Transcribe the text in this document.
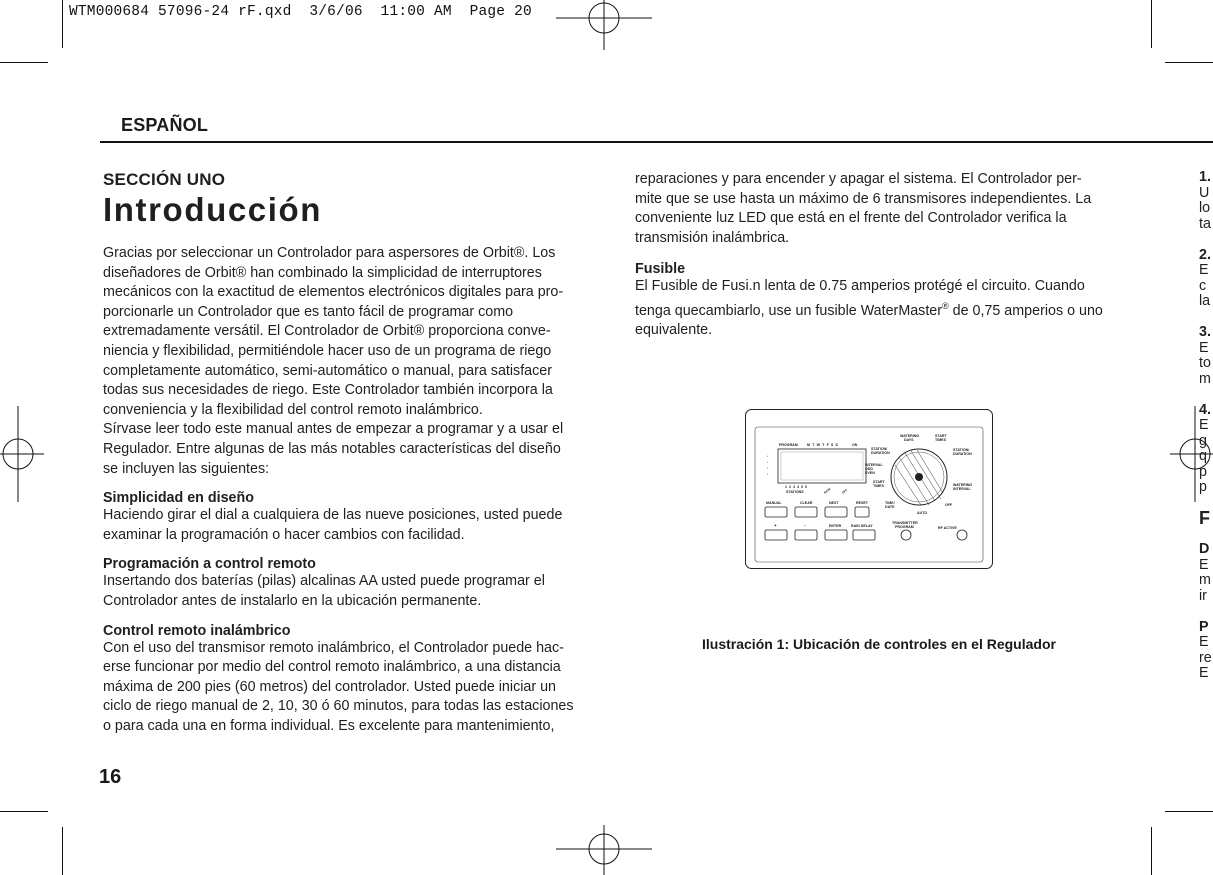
WTM000684 57096-24 rF.qxd  3/6/06  11:00 AM  Page 20
ESPAÑOL
SECCIÓN UNO
Introducción
Gracias por seleccionar un Controlador para aspersores de Orbit®. Los
diseñadores de Orbit® han combinado la simplicidad de interruptores
mecánicos con la exactitud de elementos electrónicos digitales para pro-
porcionarle un Controlador que es tanto fácil de programar como
extremadamente versátil. El Controlador de Orbit® proporciona conve-
niencia y flexibilidad, permitiéndole hacer uso de un programa de riego
completamente automático, semi-automático o manual, para satisfacer
todas sus necesidades de riego. Este Controlador también incorpora la
conveniencia y la flexibilidad del control remoto inalámbrico.
Sírvase leer todo este manual antes de empezar a programar y a usar el
Regulador. Entre algunas de las más notables características del diseño
se incluyen las siguientes:
Simplicidad en diseño
Haciendo girar el dial a cualquiera de las nueve posiciones, usted puede
examinar la programación o hacer cambios con facilidad.
Programación a control remoto
Insertando dos baterías (pilas) alcalinas AA usted puede programar el
Controlador antes de instalarlo en la ubicación permanente.
Control remoto inalámbrico
Con el uso del transmisor remoto inalámbrico, el Controlador puede hac-
erse funcionar por medio del control remoto inalámbrico, a una distancia
máxima de 200 pies (60 metros) del controlador. Usted puede iniciar un
ciclo de riego manual de 2, 10, 30 ó 60 minutos, para todas las estaciones
o para cada una en forma individual. Es excelente para mantenimiento,
reparaciones y para encender y apagar el sistema. El Controlador per-
mite que se use hasta un máximo de 6 transmisores independientes. La
conveniente luz LED que está en el frente del Controlador verifica la
transmisión inalámbrica.
Fusible
El Fusible de Fusi.n lenta de 0.75 amperios protégé el circuito. Cuando
tenga quecambiarlo, use un fusible WaterMaster® de 0,75 amperios o uno
equivalente.
PROGRAM	M T W T F S S	ON
•
•
•
•
1 2 3 4 5 6
STATIONS	RAIN	OFF
STATION/
DURATION
WATERING
DAYS
START
TIMES
STATION/
DURATION
INTERVAL
ODD
EVEN
START
TIMES	WATERING
INTERVAL
TIME/
DATE	OFF
AUTO
MANUAL	CLEAR	NEXT	RESET
+	-	ENTER	RAIN DELAY
TRANSMITTER
PROGRAM	RF ACTIVE
Ilustración 1: Ubicación de controles en el Regulador
16
1.
U
lo
ta
2.
E
c
la
3.
E
to
m
4.
E
g
q
p
p
F
D
E
m
ir
P
E
re
E
